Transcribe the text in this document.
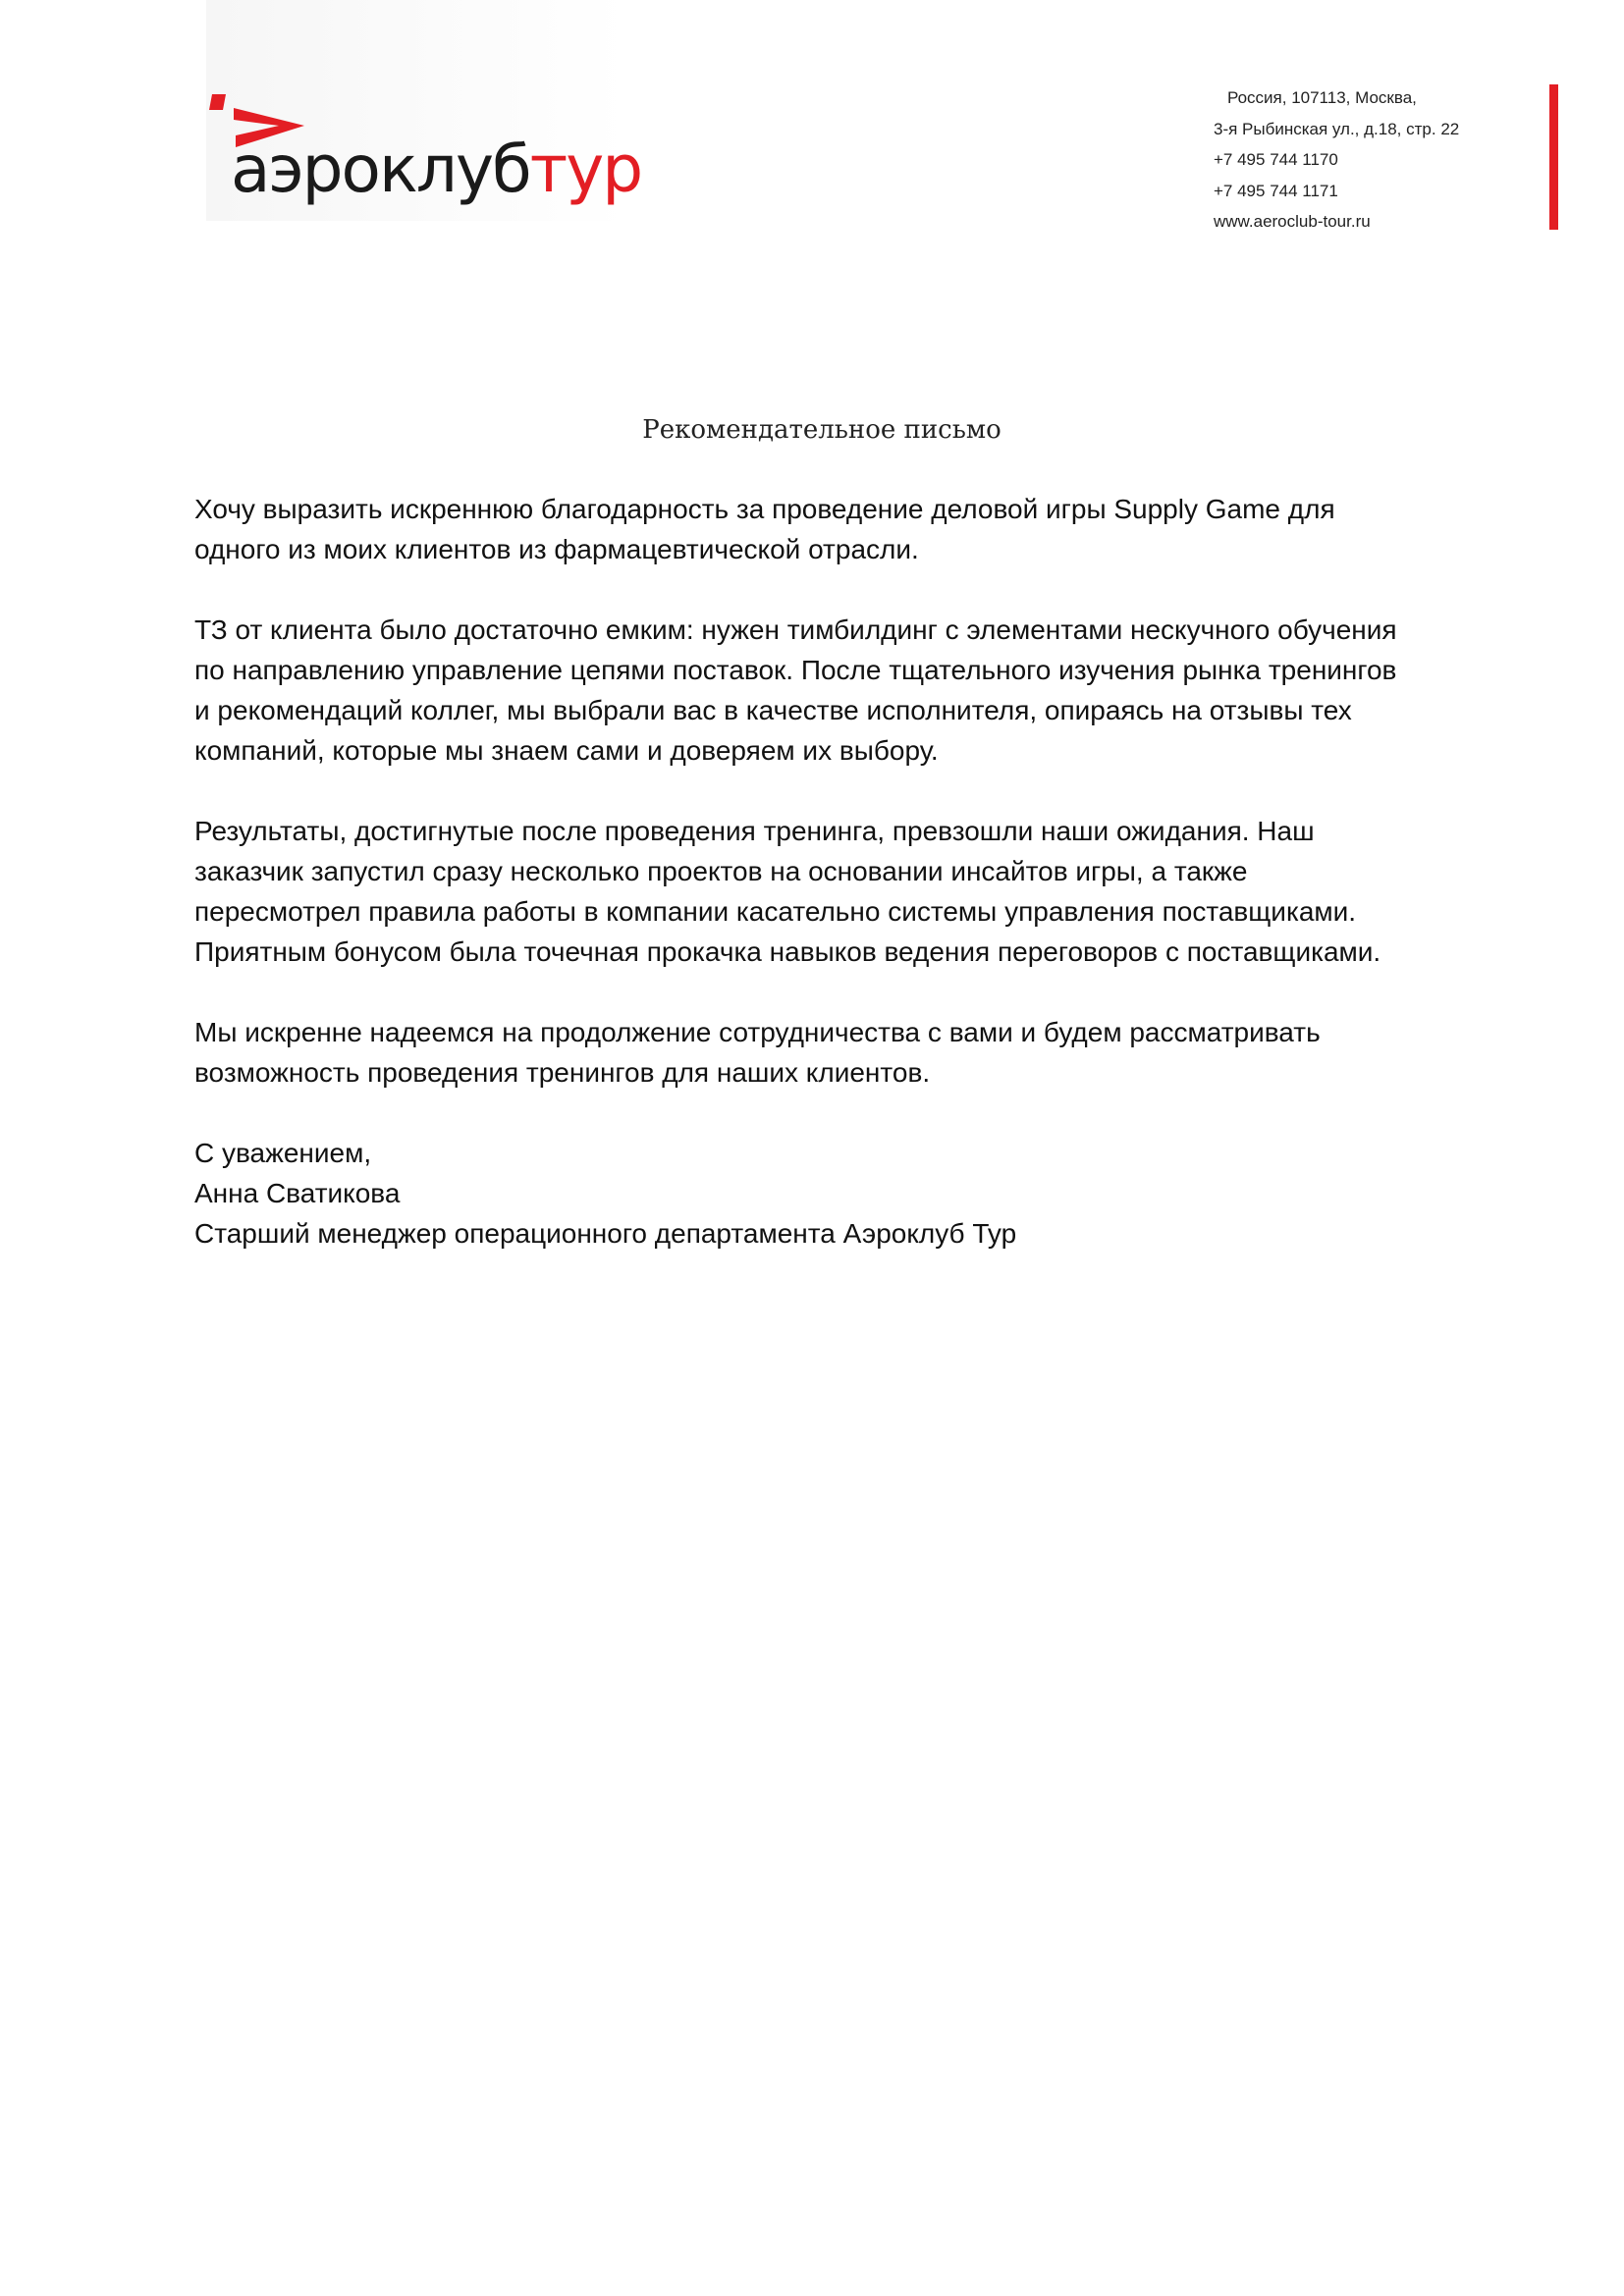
аэроклубтур
Россия, 107113, Москва,
3-я Рыбинская ул., д.18, стр. 22
+7 495 744 1170
+7 495 744 1171
www.aeroclub-tour.ru
Рекомендательное письмо

Хочу выразить искреннюю благодарность за проведение деловой игры Supply Game для
одного из моих клиентов из фармацевтической отрасли.

ТЗ от клиента было достаточно емким: нужен тимбилдинг с элементами нескучного обучения
по направлению управление цепями поставок. После тщательного изучения рынка тренингов
и рекомендаций коллег, мы выбрали вас в качестве исполнителя, опираясь на отзывы тех
компаний, которые мы знаем сами и доверяем их выбору.

Результаты, достигнутые после проведения тренинга, превзошли наши ожидания. Наш
заказчик запустил сразу несколько проектов на основании инсайтов игры, а также
пересмотрел правила работы в компании касательно системы управления поставщиками.
Приятным бонусом была точечная прокачка навыков ведения переговоров с поставщиками.

Мы искренне надеемся на продолжение сотрудничества с вами и будем рассматривать
возможность проведения тренингов для наших клиентов.

С уважением,
Анна Сватикова
Старший менеджер операционного департамента Аэроклуб Тур
